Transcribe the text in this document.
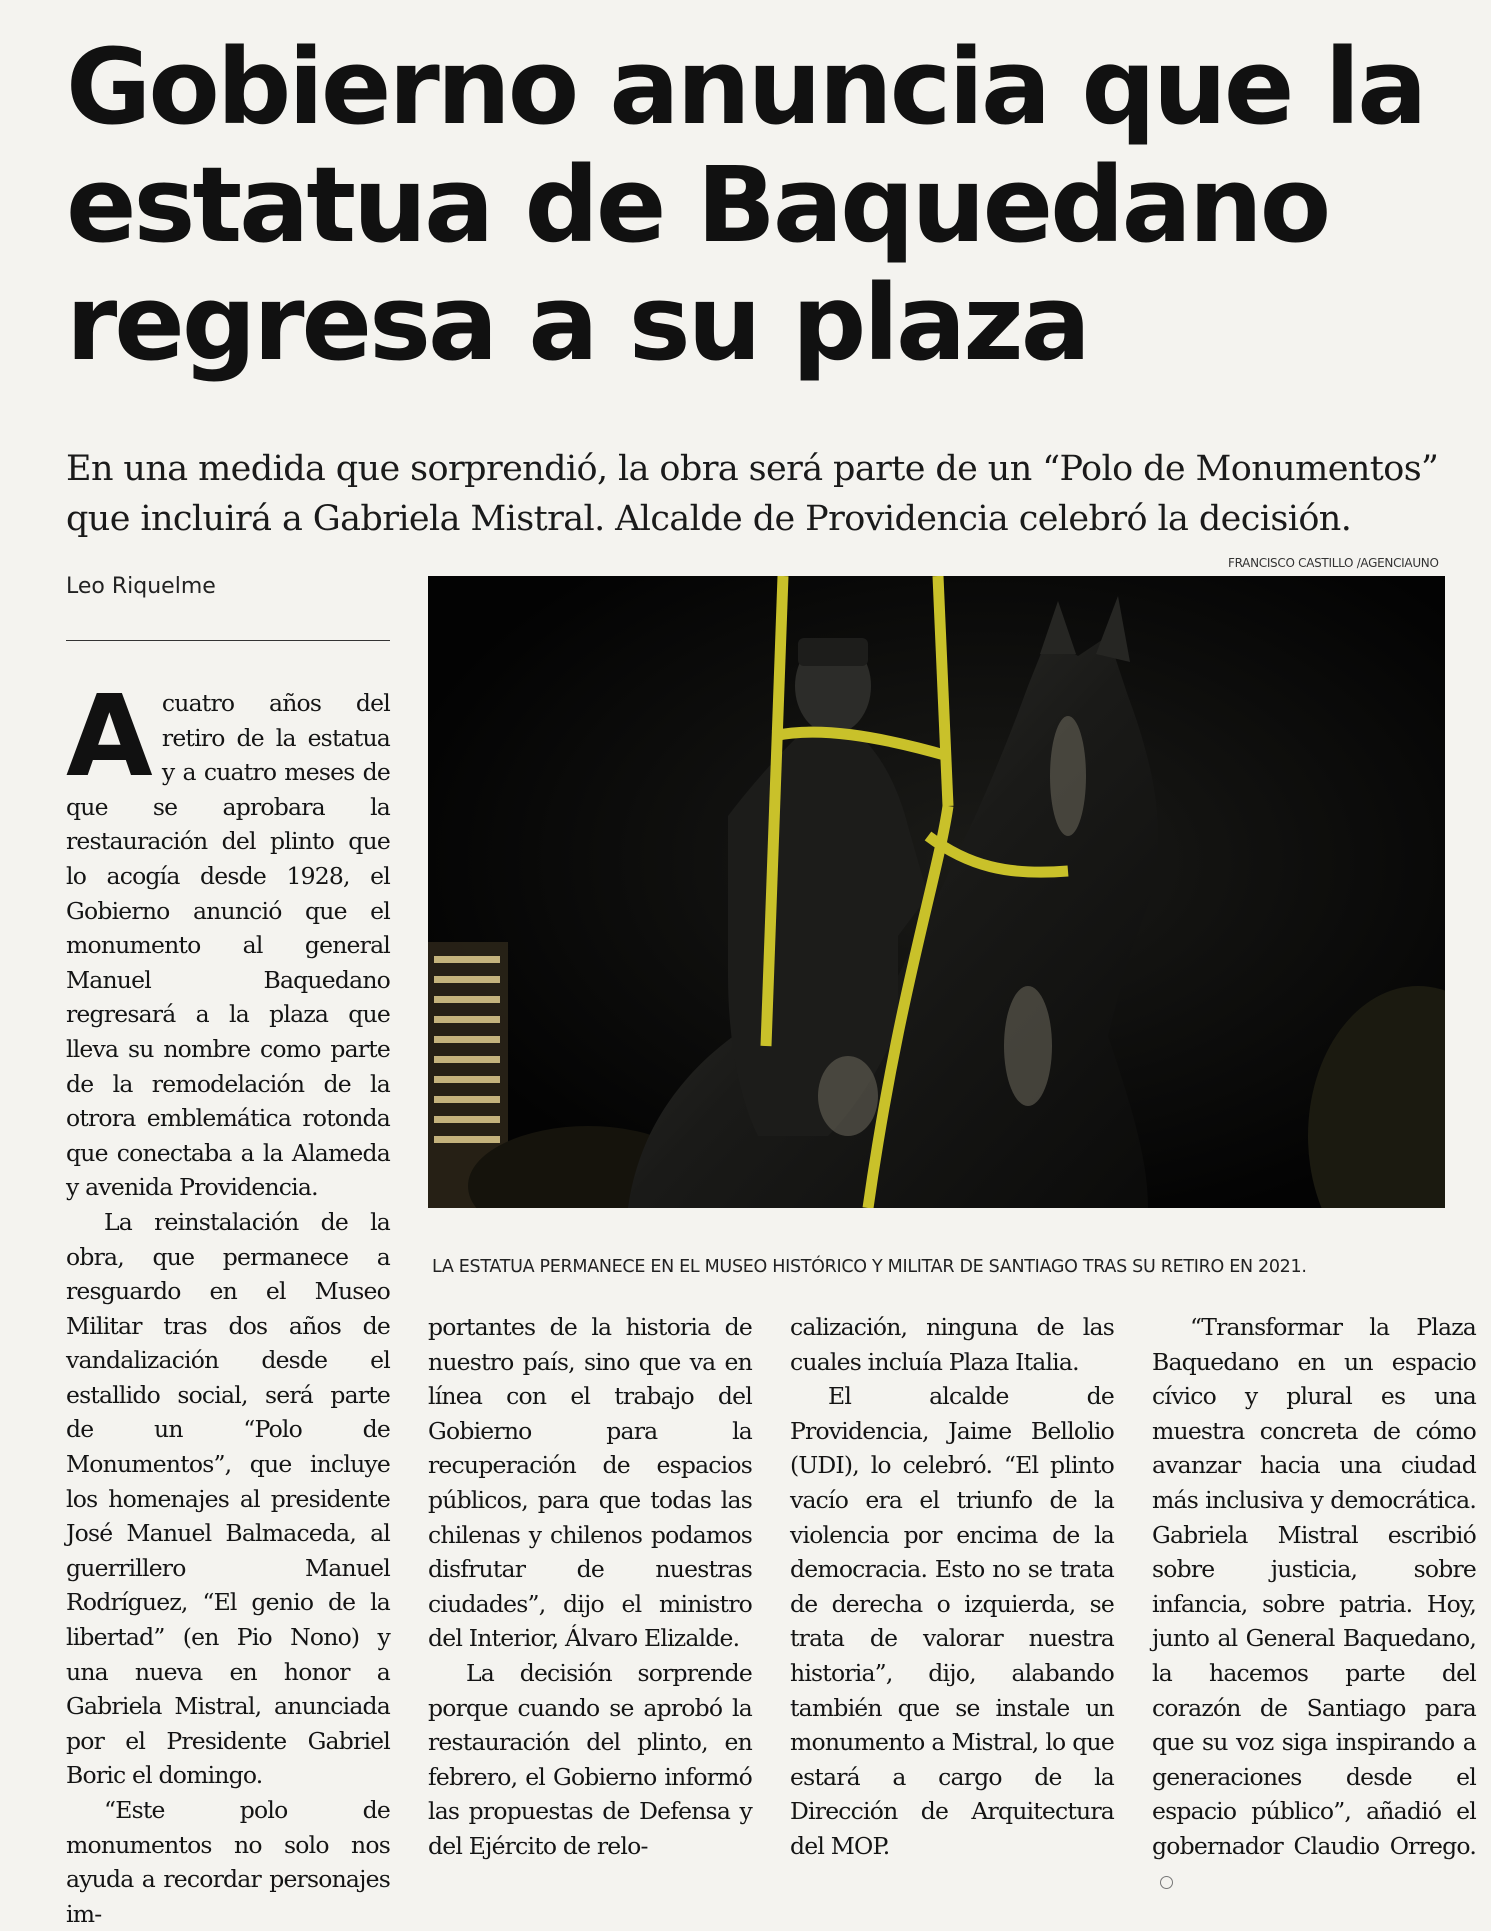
Gobierno anuncia que la estatua de Baquedano regresa a su plaza

En una medida que sorprendió, la obra será parte de un “Polo de Monumentos” que incluirá a Gabriela Mistral. Alcalde de Providencia celebró la decisión.

FRANCISCO CASTILLO /AGENCIAUNO
Leo Riquelme
LA ESTATUA PERMANECE EN EL MUSEO HISTÓRICO Y MILITAR DE SANTIAGO TRAS SU RETIRO EN 2021.

Acuatro años del retiro de la estatua y a cuatro meses de que se aprobara la restauración del plinto que lo acogía desde 1928, el Gobierno anunció que el monumento al general Manuel Baquedano regresará a la plaza que lleva su nombre como parte de la remodelación de la otrora emblemática rotonda que conectaba a la Alameda y avenida Providencia.

La reinstalación de la obra, que permanece a resguardo en el Museo Militar tras dos años de vandalización desde el estallido social, será parte de un “Polo de Monumentos”, que incluye los homenajes al presidente José Manuel Balmaceda, al guerrillero Manuel Rodríguez, “El genio de la libertad” (en Pio Nono) y una nueva en honor a Gabriela Mistral, anunciada por el Presidente Gabriel Boric el domingo.

“Este polo de monumentos no solo nos ayuda a recordar personajes im-

portantes de la historia de nuestro país, sino que va en línea con el trabajo del Gobierno para la recuperación de espacios públicos, para que todas las chilenas y chilenos podamos disfrutar de nuestras ciudades”, dijo el ministro del Interior, Álvaro Elizalde.

La decisión sorprende porque cuando se aprobó la restauración del plinto, en febrero, el Gobierno informó las propuestas de Defensa y del Ejército de relo-

calización, ninguna de las cuales incluía Plaza Italia.

El alcalde de Providencia, Jaime Bellolio (UDI), lo celebró. “El plinto vacío era el triunfo de la violencia por encima de la democracia. Esto no se trata de derecha o izquierda, se trata de valorar nuestra historia”, dijo, alabando también que se instale un monumento a Mistral, lo que estará a cargo de la Dirección de Arquitectura del MOP.

“Transformar la Plaza Baquedano en un espacio cívico y plural es una muestra concreta de cómo avanzar hacia una ciudad más inclusiva y democrática. Gabriela Mistral escribió sobre justicia, sobre infancia, sobre patria. Hoy, junto al General Baquedano, la hacemos parte del corazón de Santiago para que su voz siga inspirando a generaciones desde el espacio público”, añadió el gobernador Claudio Orrego.
